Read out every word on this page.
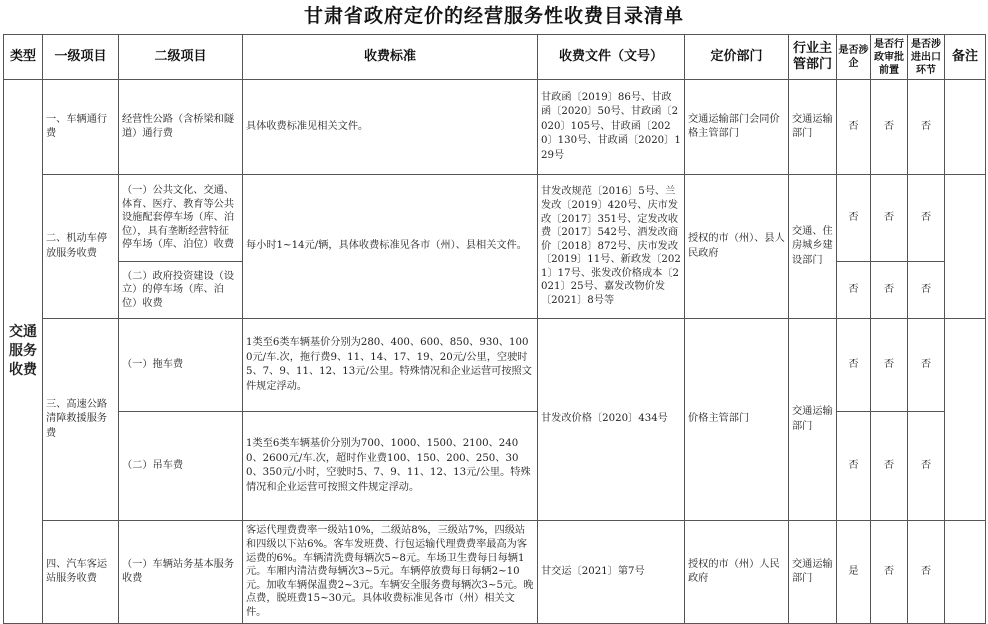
甘肃省政府定价的经营服务性收费目录清单
类型	一级项目	二级项目	收费标准	收费文件（文号）	定价部门	行业主管部门	是否涉企	是否行政审批前置	是否涉进出口环节	备注
交通服务收费	一、车辆通行费	经营性公路（含桥梁和隧道）通行费	具体收费标准见相关文件。	甘政函〔2019〕86号、甘政函〔2020〕50号、甘政函〔2020〕105号、甘政函〔2020〕130号、甘政函〔2020〕129号	交通运输部门会同价格主管部门	交通运输部门	否	否	否	
	二、机动车停放服务收费	（一）公共文化、交通、体育、医疗、教育等公共设施配套停车场（库、泊位），具有垄断经营特征停车场（库、泊位）收费	每小时1~14元/辆，具体收费标准见各市（州）、县相关文件。	甘发改规范〔2016〕5号、兰发改〔2019〕420号、庆市发改〔2017〕351号、定发改收费〔2017〕542号、酒发改商价〔2018〕872号、庆市发改〔2019〕11号、新政发〔2021〕17号、张发改价格成本〔2021〕25号、嘉发改物价发〔2021〕8号等	授权的市（州）、县人民政府	交通、住房城乡建设部门	否	否	否	
		（二）政府投资建设（设立）的停车场（库、泊位）收费					否	否	否	
	三、高速公路清障救援服务费	（一）拖车费	1类至6类车辆基价分别为280、400、600、850、930、1000元/车.次，拖行费9、11、14、17、19、20元/公里，空驶时5、7、9、11、12、13元/公里。特殊情况和企业运营可按照文件规定浮动。	甘发改价格〔2020〕434号	价格主管部门	交通运输部门	否	否	否	
		（二）吊车费	1类至6类车辆基价分别为700、1000、1500、2100、2400、2600元/车.次，超时作业费100、150、200、250、300、350元/小时，空驶时5、7、9、11、12、13元/公里。特殊情况和企业运营可按照文件规定浮动。				否	否	否	
	四、汽车客运站服务收费	（一）车辆站务基本服务收费	客运代理费费率一级站10%，二级站8%，三级站7%，四级站和四级以下站6%。客车发班费、行包运输代理费费率最高为客运费的6%。车辆清洗费每辆次5~8元。车场卫生费每日每辆1元。车厢内清洁费每辆次3~5元。车辆停放费每日每辆2~10元。加收车辆保温费2~3元。车辆安全服务费每辆次3~5元。晚点费，脱班费15~30元。具体收费标准见各市（州）相关文件。	甘交运〔2021〕第7号	授权的市（州）人民政府	交通运输部门	是	否	否	
